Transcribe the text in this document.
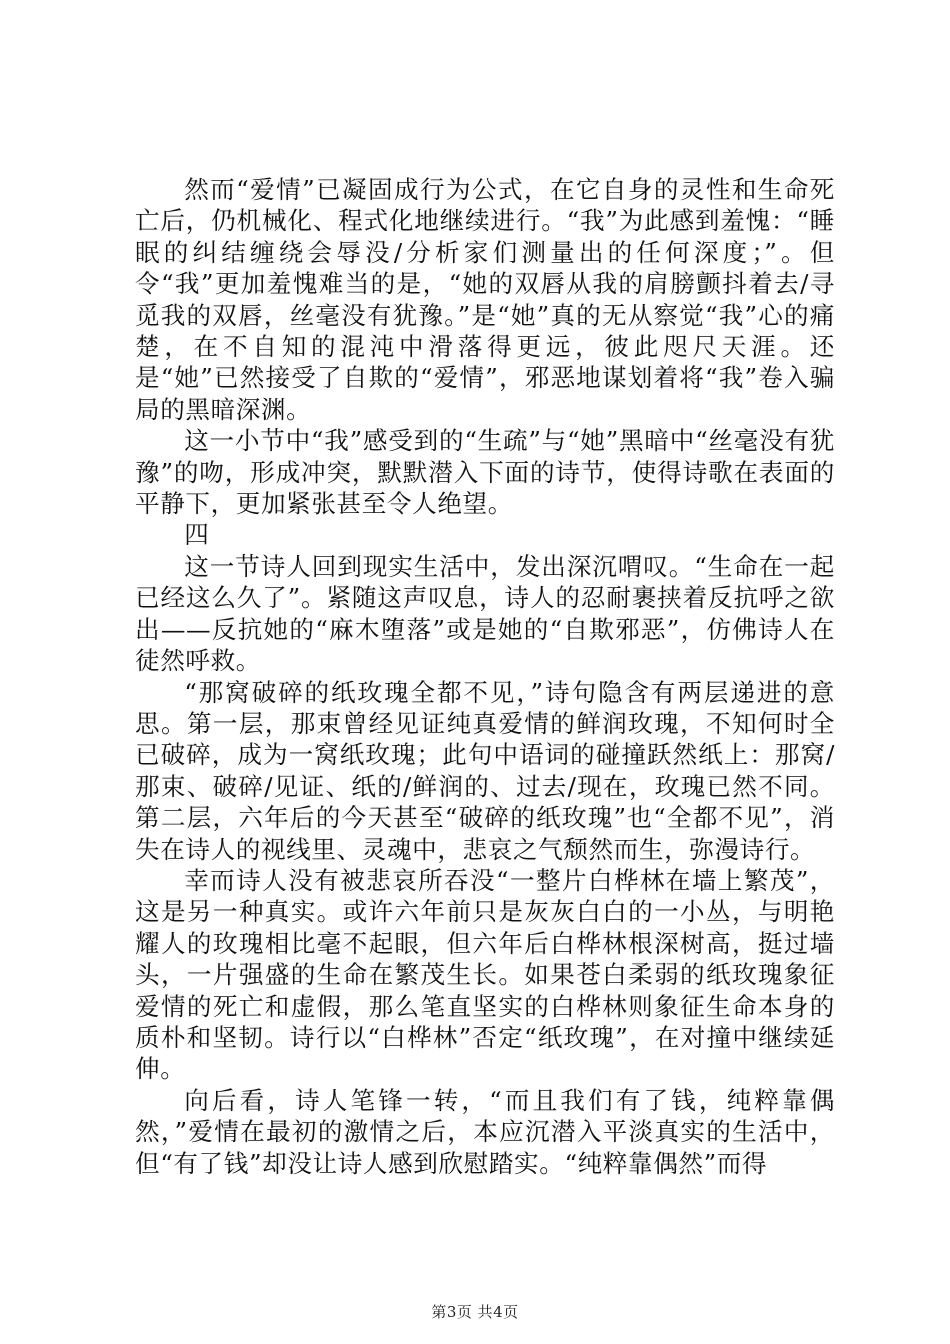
然而“爱情”已凝固成行为公式，在它自身的灵性和生命死亡后，仍机械化、程式化地继续进行。“我”为此感到羞愧：“睡眠的纠结缠绕会辱没/分析家们测量出的任何深度；”。但令“我”更加羞愧难当的是，“她的双唇从我的肩膀颤抖着去/寻觅我的双唇，丝毫没有犹豫。”是“她”真的无从察觉“我”心的痛楚，在不自知的混沌中滑落得更远，彼此咫尺天涯。还是“她”已然接受了自欺的“爱情”，邪恶地谋划着将“我”卷入骗局的黑暗深渊。

这一小节中“我”感受到的“生疏”与“她”黑暗中“丝毫没有犹豫”的吻，形成冲突，默默潜入下面的诗节，使得诗歌在表面的平静下，更加紧张甚至令人绝望。

四

这一节诗人回到现实生活中，发出深沉喟叹。“生命在一起已经这么久了”。紧随这声叹息，诗人的忍耐裹挟着反抗呼之欲出——反抗她的“麻木堕落”或是她的“自欺邪恶”，仿佛诗人在徒然呼救。

“那窝破碎的纸玫瑰全都不见，”诗句隐含有两层递进的意思。第一层，那束曾经见证纯真爱情的鲜润玫瑰，不知何时全已破碎，成为一窝纸玫瑰；此句中语词的碰撞跃然纸上：那窝/那束、破碎/见证、纸的/鲜润的、过去/现在，玫瑰已然不同。第二层，六年后的今天甚至“破碎的纸玫瑰”也“全都不见”，消失在诗人的视线里、灵魂中，悲哀之气颓然而生，弥漫诗行。

幸而诗人没有被悲哀所吞没“一整片白桦林在墙上繁茂”，这是另一种真实。或许六年前只是灰灰白白的一小丛，与明艳耀人的玫瑰相比毫不起眼，但六年后白桦林根深树高，挺过墙头，一片强盛的生命在繁茂生长。如果苍白柔弱的纸玫瑰象征爱情的死亡和虚假，那么笔直坚实的白桦林则象征生命本身的质朴和坚韧。诗行以“白桦林”否定“纸玫瑰”，在对撞中继续延伸。

向后看，诗人笔锋一转，“而且我们有了钱，纯粹靠偶然，”爱情在最初的激情之后，本应沉潜入平淡真实的生活中，但“有了钱”却没让诗人感到欣慰踏实。“纯粹靠偶然”而得

第3页 共4页
